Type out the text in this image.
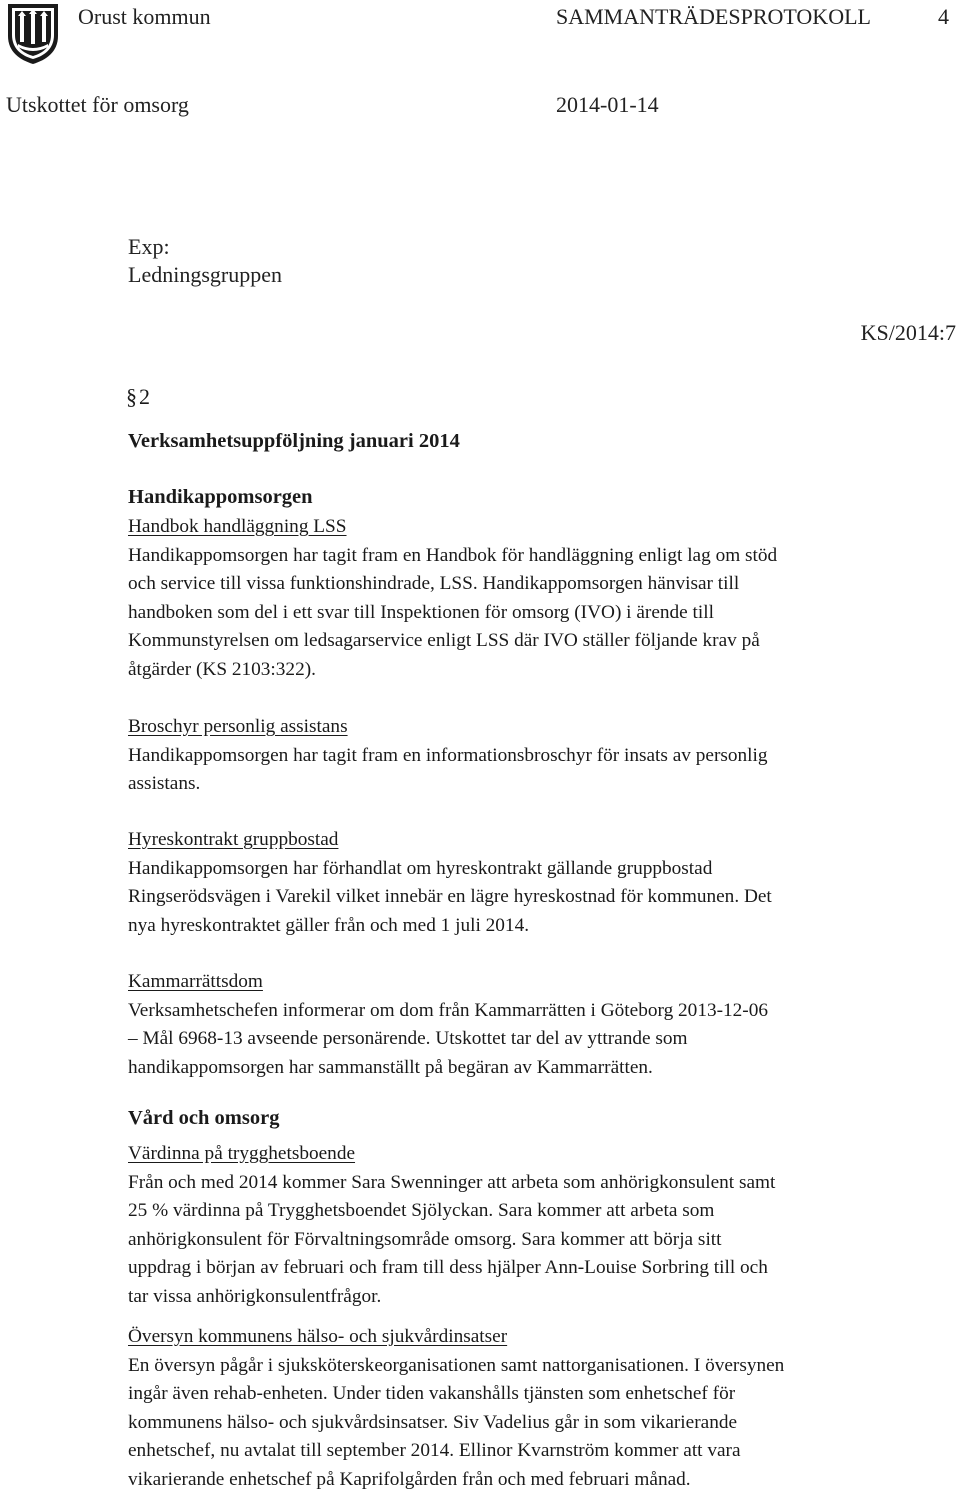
Orust kommun	SAMMANTRÄDESPROTOKOLL	4
Utskottet för omsorg	2014-01-14
Exp:
Ledningsgruppen
KS/2014:7
§2
Verksamhetsuppföljning januari 2014
Handikappomsorgen
Handbok handläggning LSS
Handikappomsorgen har tagit fram en Handbok för handläggning enligt lag om stöd
och service till vissa funktionshindrade, LSS. Handikappomsorgen hänvisar till
handboken som del i ett svar till Inspektionen för omsorg (IVO) i ärende till
Kommunstyrelsen om ledsagarservice enligt LSS där IVO ställer följande krav på
åtgärder (KS 2103:322).
Broschyr personlig assistans
Handikappomsorgen har tagit fram en informationsbroschyr för insats av personlig
assistans.
Hyreskontrakt gruppbostad
Handikappomsorgen har förhandlat om hyreskontrakt gällande gruppbostad
Ringserödsvägen i Varekil vilket innebär en lägre hyreskostnad för kommunen. Det
nya hyreskontraktet gäller från och med 1 juli 2014.
Kammarrättsdom
Verksamhetschefen informerar om dom från Kammarrätten i Göteborg 2013-12-06
– Mål 6968-13 avseende personärende. Utskottet tar del av yttrande som
handikappomsorgen har sammanställt på begäran av Kammarrätten.
Vård och omsorg
Värdinna på trygghetsboende
Från och med 2014 kommer Sara Swenninger att arbeta som anhörigkonsulent samt
25 % värdinna på Trygghetsboendet Sjölyckan. Sara kommer att arbeta som
anhörigkonsulent för Förvaltningsområde omsorg. Sara kommer att börja sitt
uppdrag i början av februari och fram till dess hjälper Ann-Louise Sorbring till och
tar vissa anhörigkonsulentfrågor.
Översyn kommunens hälso- och sjukvårdinsatser
En översyn pågår i sjuksköterskeorganisationen samt nattorganisationen. I översynen
ingår även rehab-enheten. Under tiden vakanshålls tjänsten som enhetschef för
kommunens hälso- och sjukvårdsinsatser. Siv Vadelius går in som vikarierande
enhetschef, nu avtalat till september 2014. Ellinor Kvarnström kommer att vara
vikarierande enhetschef på Kaprifolgården från och med februari månad.
